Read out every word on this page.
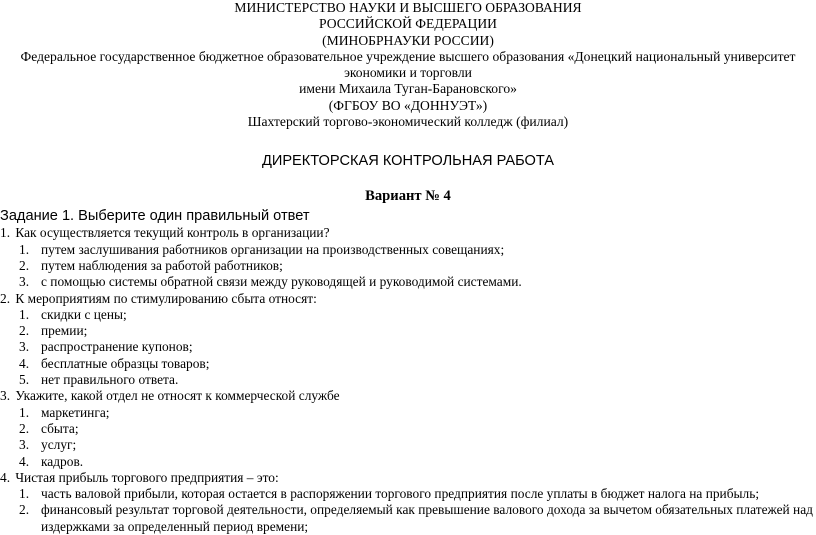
МИНИСТЕРСТВО НАУКИ И ВЫСШЕГО ОБРАЗОВАНИЯ
РОССИЙСКОЙ ФЕДЕРАЦИИ
(МИНОБРНАУКИ РОССИИ)
Федеральное государственное бюджетное образовательное учреждение высшего образования «Донецкий национальный университет
экономики и торговли
имени Михаила Туган-Барановского»
(ФГБОУ ВО «ДОННУЭТ»)
Шахтерский торгово-экономический колледж (филиал)
ДИРЕКТОРСКАЯ КОНТРОЛЬНАЯ РАБОТА
Вариант № 4
Задание 1. Выберите один правильный ответ
1. Как осуществляется текущий контроль в организации?
1. путем заслушивания работников организации на производственных совещаниях;
2. путем наблюдения за работой работников;
3. с помощью системы обратной связи между руководящей и руководимой системами.
2. К мероприятиям по стимулированию сбыта относят:
1. скидки с цены;
2. премии;
3. распространение купонов;
4. бесплатные образцы товаров;
5. нет правильного ответа.
3. Укажите, какой отдел не относят к коммерческой службе
1. маркетинга;
2. сбыта;
3. услуг;
4. кадров.
4. Чистая прибыль торгового предприятия – это:
1. часть валовой прибыли, которая остается в распоряжении торгового предприятия после уплаты в бюджет налога на прибыль;
2. финансовый результат торговой деятельности, определяемый как превышение валового дохода за вычетом обязательных платежей над
издержками за определенный период времени;
